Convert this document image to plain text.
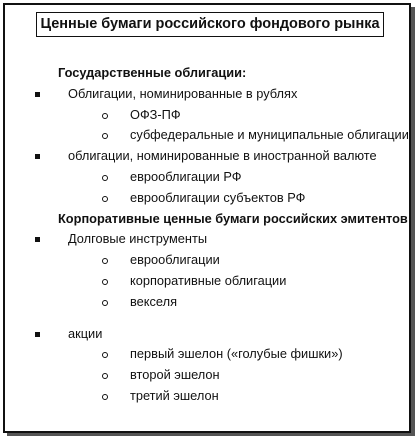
Ценные бумаги российского фондового рынка
Государственные облигации:
Облигации, номинированные в рублях
ОФЗ-ПФ
субфедеральные и муниципальные облигации
облигации, номинированные в иностранной валюте
еврооблигации РФ
еврооблигации субъектов РФ
Корпоративные ценные бумаги российских эмитентов:
Долговые инструменты
еврооблигации
корпоративные облигации
векселя
акции
первый эшелон («голубые фишки»)
второй эшелон
третий эшелон
